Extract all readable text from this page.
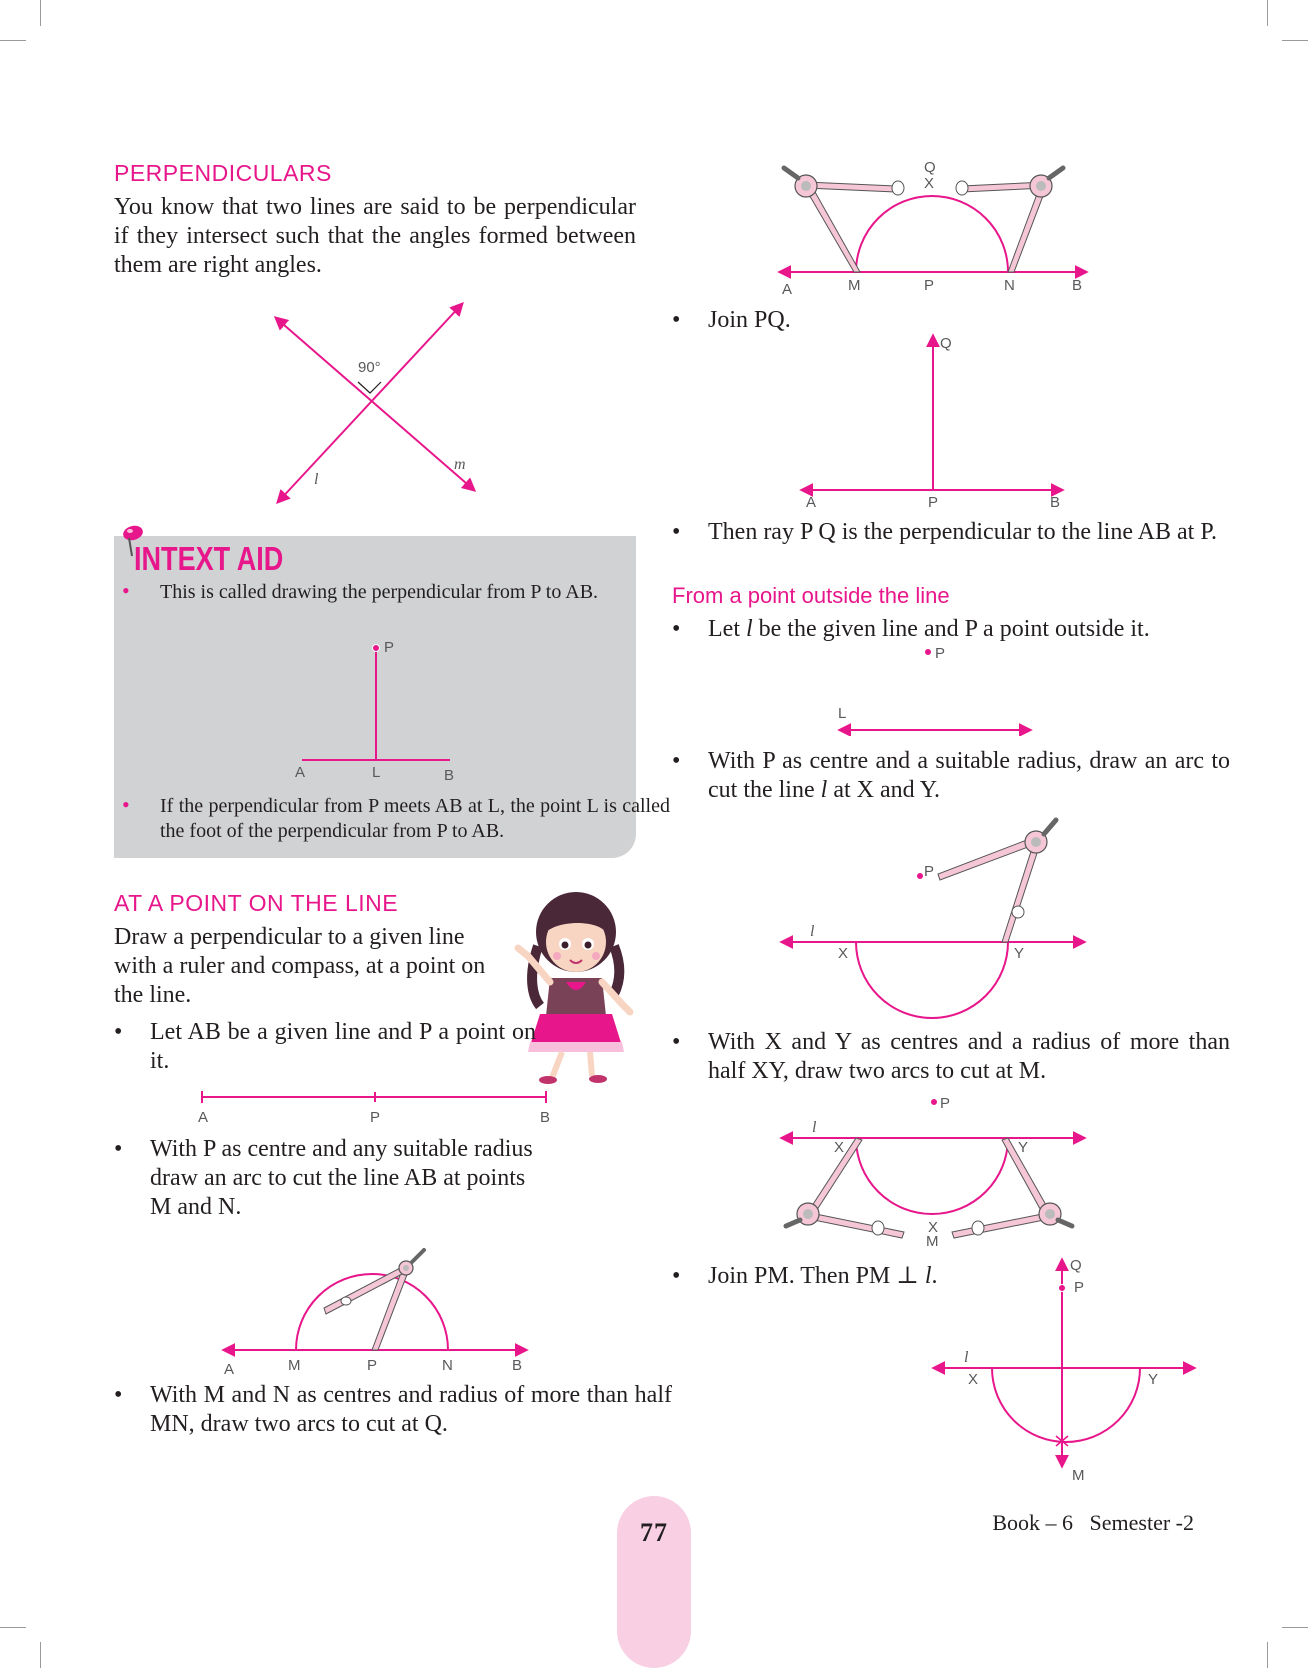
PERPENDICULARS
You know that two lines are said to be perpendicular if they intersect such that the angles formed between them are right angles.
90°
l
m
INTEXT AID
• This is called drawing the perpendicular from P to AB.
P
A	L	B
• If the perpendicular from P meets AB at L, the point L is called the foot of the perpendicular from P to AB.
AT A POINT ON THE LINE
Draw a perpendicular to a given line with a ruler and compass, at a point on the line.
• Let AB be a given line and P a point on it.
A	P	B
• With P as centre and any suitable radius draw an arc to cut the line AB at points M and N.
A	M	P	N	B
• With M and N as centres and radius of more than half MN, draw two arcs to cut at Q.
Q
X
A	M	P	N	B
• Join PQ.
Q
A	P	B
• Then ray P Q is the perpendicular to the line AB at P.
From a point outside the line
• Let l be the given line and P a point outside it.
P
L
• With P as centre and a suitable radius, draw an arc to cut the line l at X and Y.
P
l
X	Y
• With X and Y as centres and a radius of more than half XY, draw two arcs to cut at M.
P
l
X	Y
X
M
• Join PM. Then PM ⊥ l.	Q
P
l
X	Y
M
77	Book – 6 Semester -2
